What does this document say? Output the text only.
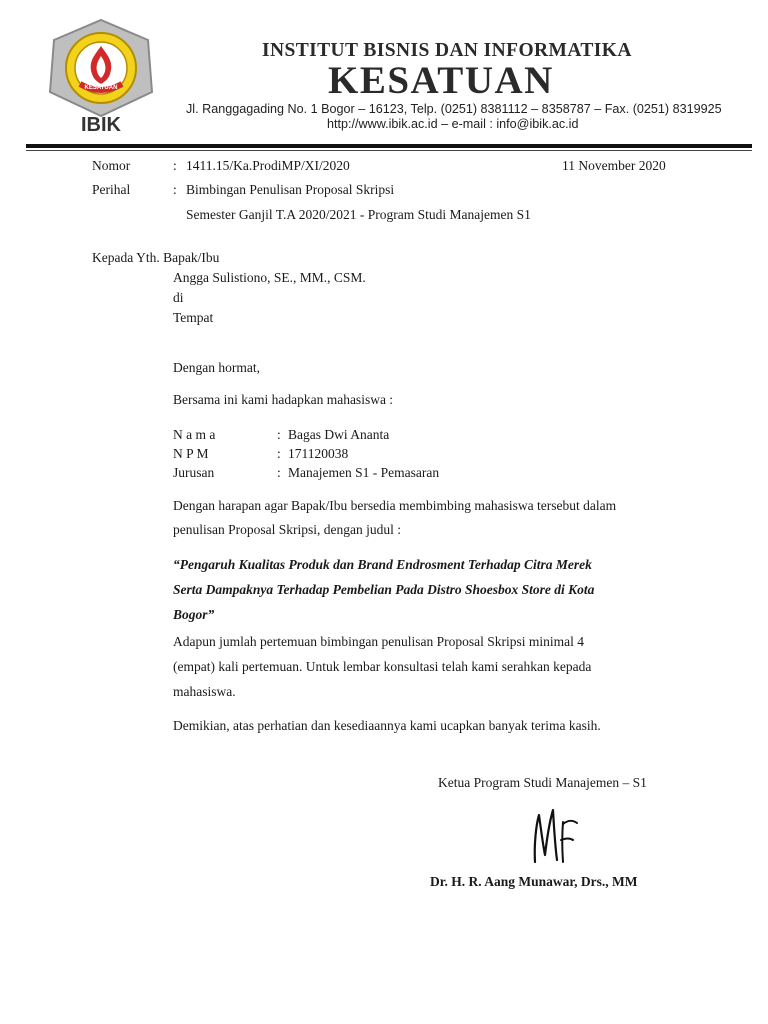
KESATUAN
IBIK
INSTITUT BISNIS DAN INFORMATIKA
KESATUAN
Jl. Ranggagading No. 1 Bogor – 16123, Telp. (0251) 8381112 – 8358787 – Fax. (0251) 8319925
http://www.ibik.ac.id – e-mail : info@ibik.ac.id
Nomor	: 1411.15/Ka.ProdiMP/XI/2020	11 November 2020
Perihal	: Bimbingan Penulisan Proposal Skripsi
Semester Ganjil T.A 2020/2021 - Program Studi Manajemen S1
Kepada Yth. Bapak/Ibu
Angga Sulistiono, SE., MM., CSM.
di
Tempat
Dengan hormat,
Bersama ini kami hadapkan mahasiswa :
N a m a	: Bagas Dwi Ananta
N P M	: 171120038
Jurusan	: Manajemen S1 - Pemasaran
Dengan harapan agar Bapak/Ibu bersedia membimbing mahasiswa tersebut dalam
penulisan Proposal Skripsi, dengan judul :
“Pengaruh Kualitas Produk dan Brand Endrosment Terhadap Citra Merek
Serta Dampaknya Terhadap Pembelian Pada Distro Shoesbox Store di Kota
Bogor”
Adapun jumlah pertemuan bimbingan penulisan Proposal Skripsi minimal 4
(empat) kali pertemuan. Untuk lembar konsultasi telah kami serahkan kepada
mahasiswa.
Demikian, atas perhatian dan kesediaannya kami ucapkan banyak terima kasih.
Ketua Program Studi Manajemen – S1
Dr. H. R. Aang Munawar, Drs., MM
